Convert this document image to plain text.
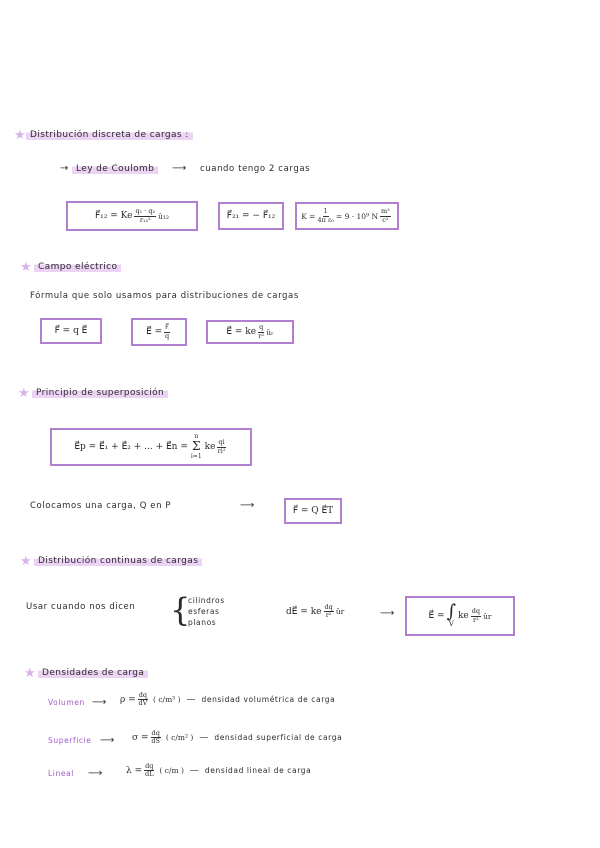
★ Distribución discreta de cargas :
→ Ley de Coulomb	⟶ cuando tengo 2 cargas
F⃗₁₂ = Ke $\frac{\text{q₁ · q₂}}{\text{r₁₂²}}$ û₁₂	F⃗₂₁ = − F⃗₁₂	$K = \frac{1}{\text{4π ε₀}} = 9 \cdot 10^9$ N $\frac{\text{m²}}{\text{c²}}$
★ Campo eléctrico
Fórmula que solo usamos para distribuciones de cargas
F⃗ = q E⃗	E⃗ = $\frac{F⃗}{q}$	E⃗ = ke $\frac{q}{\text{r²}}$ ûᵣ
★ Principio de superposición
E⃗p = E⃗₁ + E⃗₂ + ... + E⃗n =
n
Σ
i=1
ke $\frac{qi}{\text{ri²}}$
Colocamos una carga, Q en P	⟶	F⃗ = Q E⃗T
★ Distribución continuas de cargas
Usar cuando nos dicen {
cilindros
esferas
planos
dE⃗ = ke $\frac{dq}{\text{r²}}$ ûr	⟶	E⃗ = ∫
V
ke $\frac{dq}{\text{r²}}$ ûr
★ Densidades de carga
Volumen ⟶ $\rho = \frac{dq}{dV}$ ( c/m³ ) — densidad volumétrica de carga
Superficie ⟶ $\sigma = \frac{dq}{dS}$ ( c/m² ) — densidad superficial de carga
Lineal ⟶	$\lambda = \frac{dq}{dL}$ ( c/m ) — densidad lineal de carga
